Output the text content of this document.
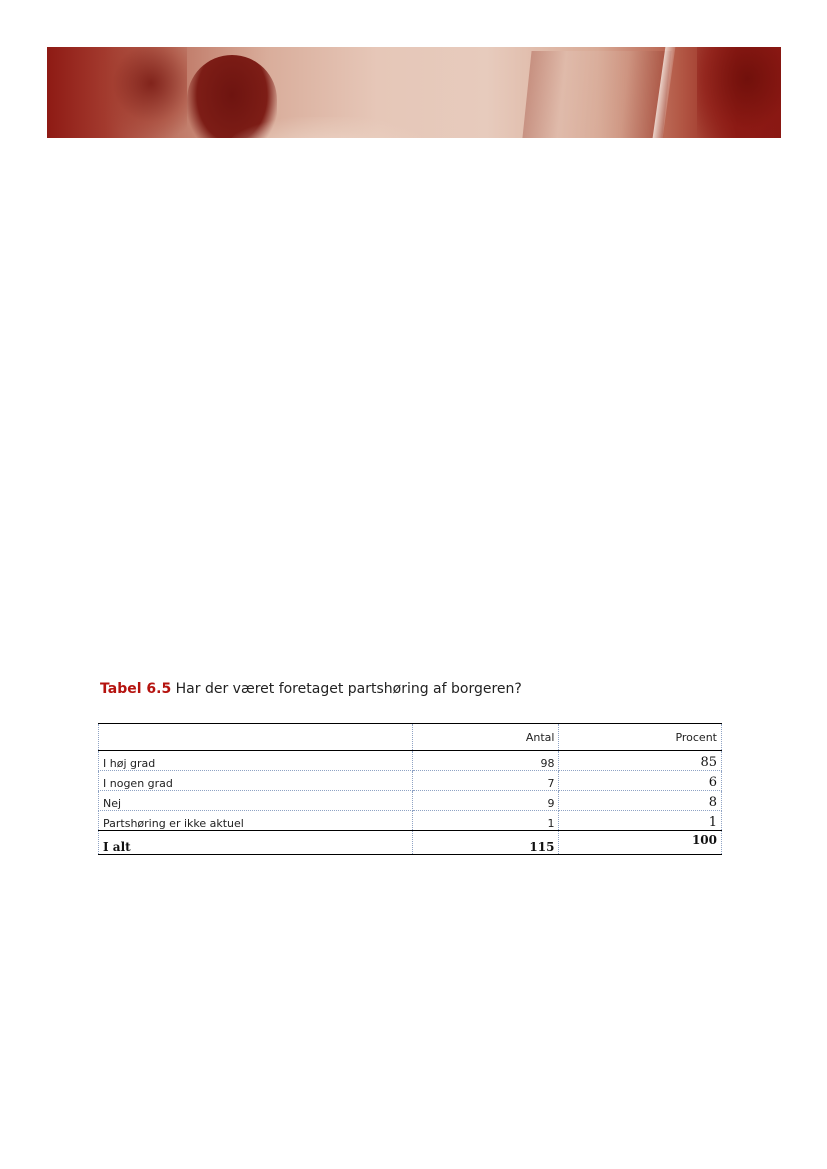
Tabel 6.5 Har der været foretaget partshøring af borgeren?
	Antal	Procent
I høj grad	98	85
I nogen grad	7	6
Nej	9	8
Partshøring er ikke aktuel	1	1
I alt	115	100
